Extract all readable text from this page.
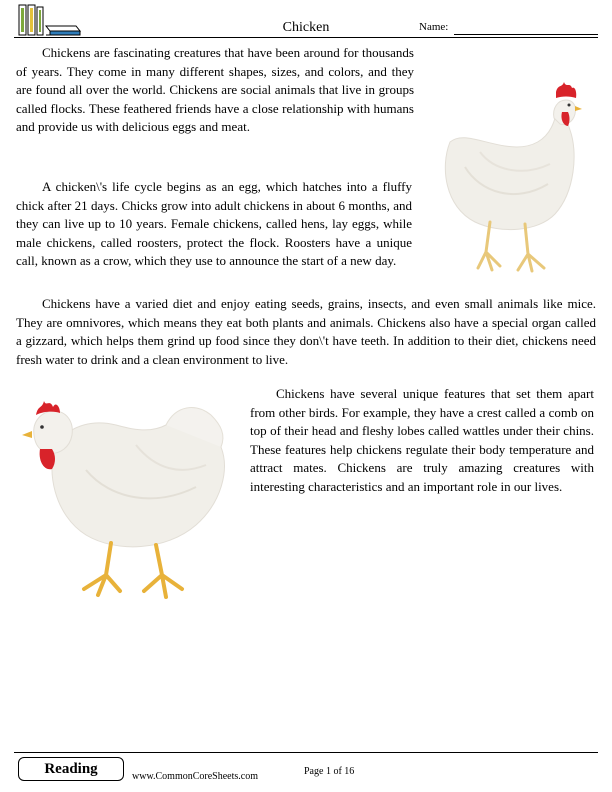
Chicken	Name:

Chickens are fascinating creatures that have been around for thousands of years. They come in many different shapes, sizes, and colors, and they are found all over the world. Chickens are social animals that live in groups called flocks. These feathered friends have a close relationship with humans and provide us with delicious eggs and meat.

A chicken\'s life cycle begins as an egg, which hatches into a fluffy chick after 21 days. Chicks grow into adult chickens in about 6 months, and they can live up to 10 years. Female chickens, called hens, lay eggs, while male chickens, called roosters, protect the flock. Roosters have a unique call, known as a crow, which they use to announce the start of a new day.

Chickens have a varied diet and enjoy eating seeds, grains, insects, and even small animals like mice. They are omnivores, which means they eat both plants and animals. Chickens also have a special organ called a gizzard, which helps them grind up food since they don\'t have teeth. In addition to their diet, chickens need fresh water to drink and a clean environment to live.

Chickens have several unique features that set them apart from other birds. For example, they have a crest called a comb on top of their head and fleshy lobes called wattles under their chins. These features help chickens regulate their body temperature and attract mates. Chickens are truly amazing creatures with interesting characteristics and an important role in our lives.

Reading	www.CommonCoreSheets.com	Page 1 of 16
